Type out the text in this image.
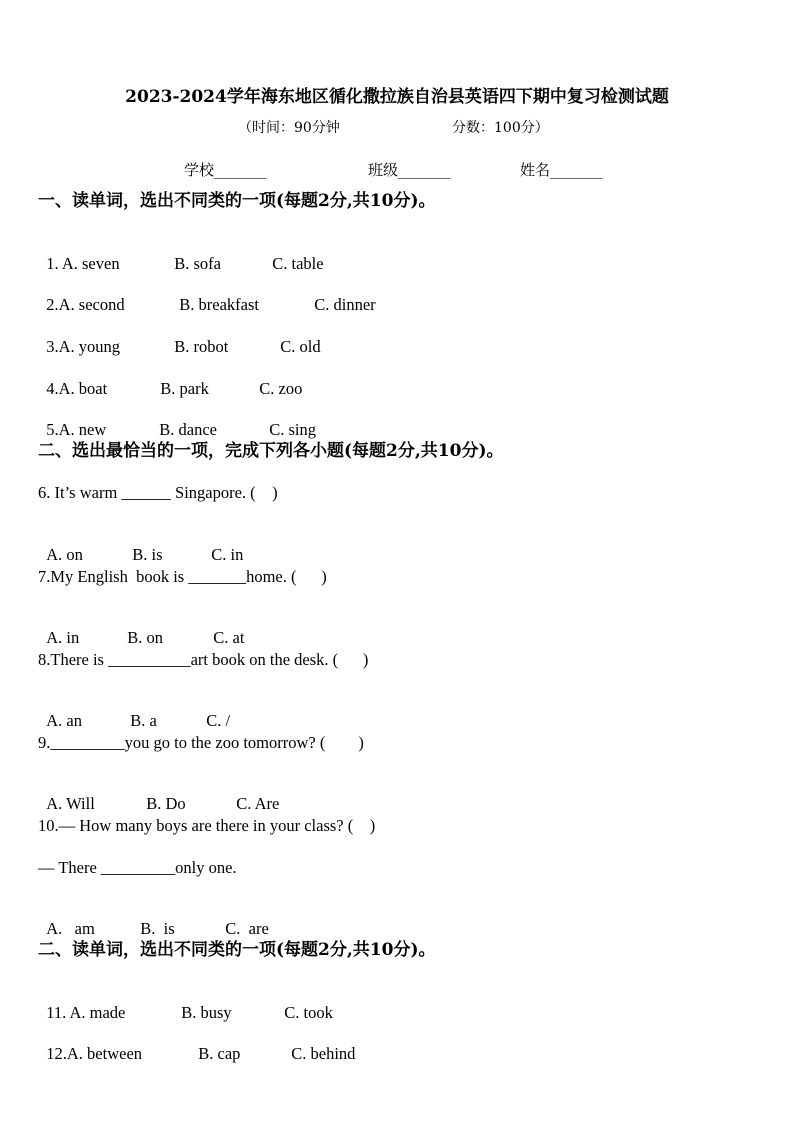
2023-2024学年海东地区循化撒拉族自治县英语四下期中复习检测试题
（时间：90分钟	分数：100分）
学校_______	班级_______	姓名_______
一、读单词，选出不同类的一项(每题2分,共10分)。

1. A. seven	B. sofa	C. table

2.A. second	B. breakfast	C. dinner

3.A. young	B. robot	C. old

4.A. boat	B. park	C. zoo

5.A. new	B. dance	C. sing

二、选出最恰当的一项，完成下列各小题(每题2分,共10分)。
6. It’s warm ______ Singapore. (    )

A. on	B. is	C. in

7.My English  book is _______home. (      )

A. in	B. on	C. at

8.There is __________art book on the desk. (      )

A. an	B. a	C. /

9._________you go to the zoo tomorrow? (        )

A. Will	B. Do	C. Are

10.— How many boys are there in your class? (    )
— There _________only one.

A.   am	B.  is	C.  are

二、读单词，选出不同类的一项(每题2分,共10分)。

11. A. made	B. busy	C. took

12.A. between	B. cap	C. behind
